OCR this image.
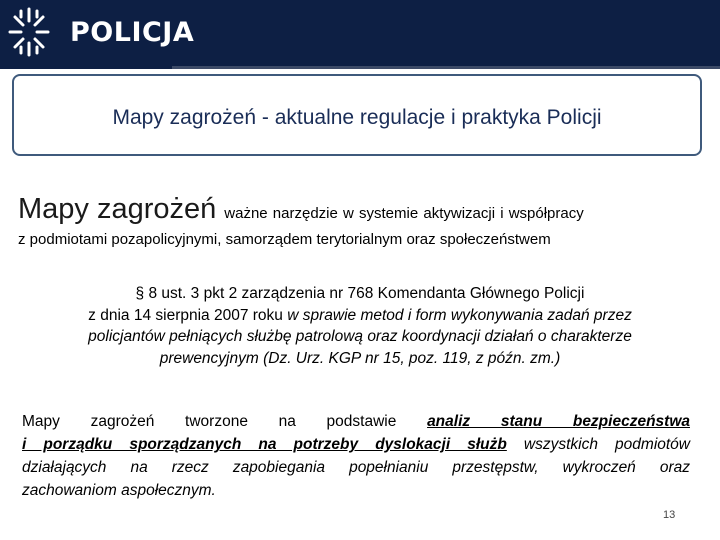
POLICJA
Mapy zagrożeń - aktualne regulacje i praktyka Policji
Mapy zagrożeń ważne narzędzie w systemie aktywizacji i współpracy
z podmiotami pozapolicyjnymi, samorządem terytorialnym oraz społeczeństwem
§ 8 ust. 3 pkt 2 zarządzenia nr 768 Komendanta Głównego Policji
z dnia 14 sierpnia 2007 roku w sprawie metod i form wykonywania zadań przez
policjantów pełniących służbę patrolową oraz koordynacji działań o charakterze
prewencyjnym (Dz. Urz. KGP nr 15, poz. 119, z późn. zm.)
Mapy zagrożeń tworzone na podstawie analiz stanu bezpieczeństwa
i porządku sporządzanych na potrzeby dyslokacji służb wszystkich podmiotów
działających na rzecz zapobiegania popełnianiu przestępstw, wykroczeń oraz
zachowaniom aspołecznym.
13
